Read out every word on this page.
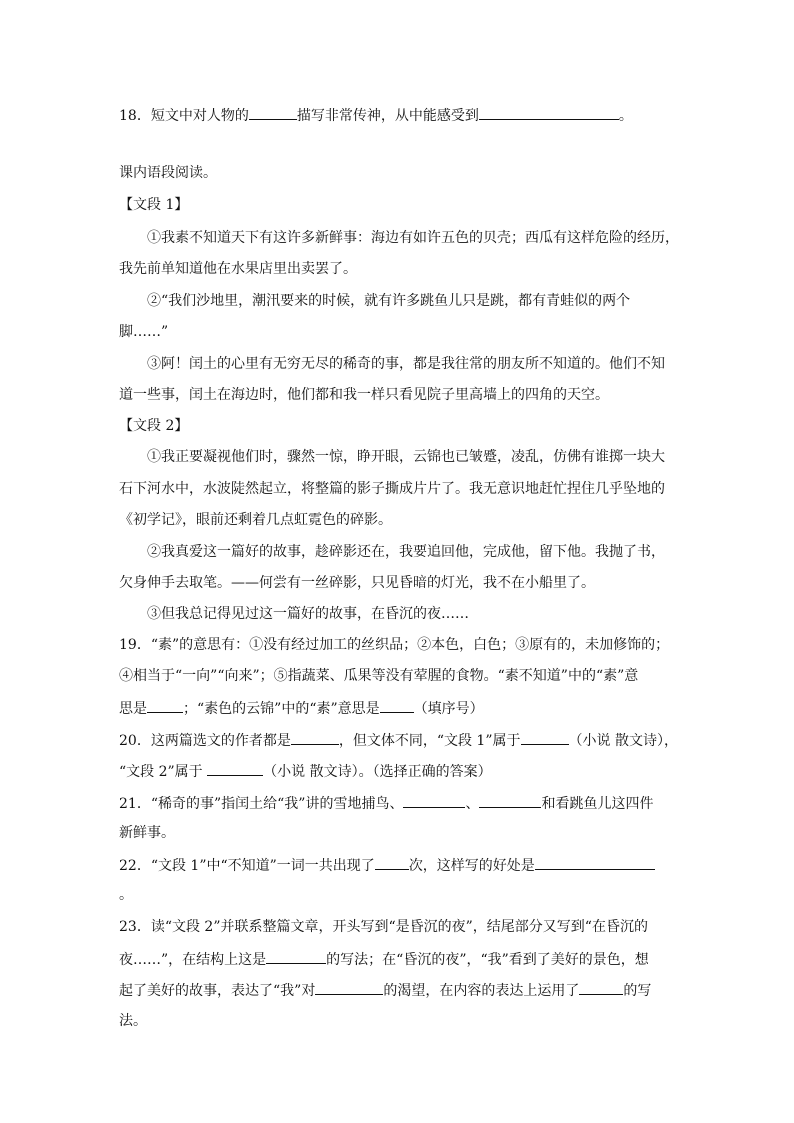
18．短文中对人物的	描写非常传神，从中能感受到	。
课内语段阅读。
【文段 1】
①我素不知道天下有这许多新鲜事：海边有如许五色的贝壳；西瓜有这样危险的经历，
我先前单知道他在水果店里出卖罢了。
②“我们沙地里，潮汛要来的时候，就有许多跳鱼儿只是跳，都有青蛙似的两个
脚……”
③阿！闰土的心里有无穷无尽的稀奇的事，都是我往常的朋友所不知道的。他们不知
道一些事，闰土在海边时，他们都和我一样只看见院子里高墙上的四角的天空。
【文段 2】
①我正要凝视他们时，骤然一惊，睁开眼，云锦也已皱蹙，凌乱，仿佛有谁掷一块大
石下河水中，水波陡然起立，将整篇的影子撕成片片了。我无意识地赶忙捏住几乎坠地的
《初学记》，眼前还剩着几点虹霓色的碎影。
②我真爱这一篇好的故事，趁碎影还在，我要追回他，完成他，留下他。我抛了书，
欠身伸手去取笔。——何尝有一丝碎影，只见昏暗的灯光，我不在小船里了。
③但我总记得见过这一篇好的故事，在昏沉的夜……
19．“素”的意思有：①没有经过加工的丝织品；②本色，白色；③原有的，未加修饰的；
④相当于“一向”“向来”；⑤指蔬菜、瓜果等没有荤腥的食物。“素不知道”中的“素”意
思是	；“素色的云锦”中的“素”意思是 （填序号）
20．这两篇选文的作者都是	，但文体不同，“文段 1”属于	（小说 散文诗），
“文段 2”属于	（小说 散文诗）。（选择正确的答案）
21．“稀奇的事”指闰土给“我”讲的雪地捕鸟、	、	和看跳鱼儿这四件
新鲜事。
22．“文段 1”中“不知道”一词一共出现了 次，这样写的好处是
。
23．读“文段 2”并联系整篇文章，开头写到“是昏沉的夜”，结尾部分又写到“在昏沉的
夜……”，在结构上这是	的写法；在“昏沉的夜”，“我”看到了美好的景色，想
起了美好的故事，表达了“我”对	的渴望，在内容的表达上运用了	的写
法。
